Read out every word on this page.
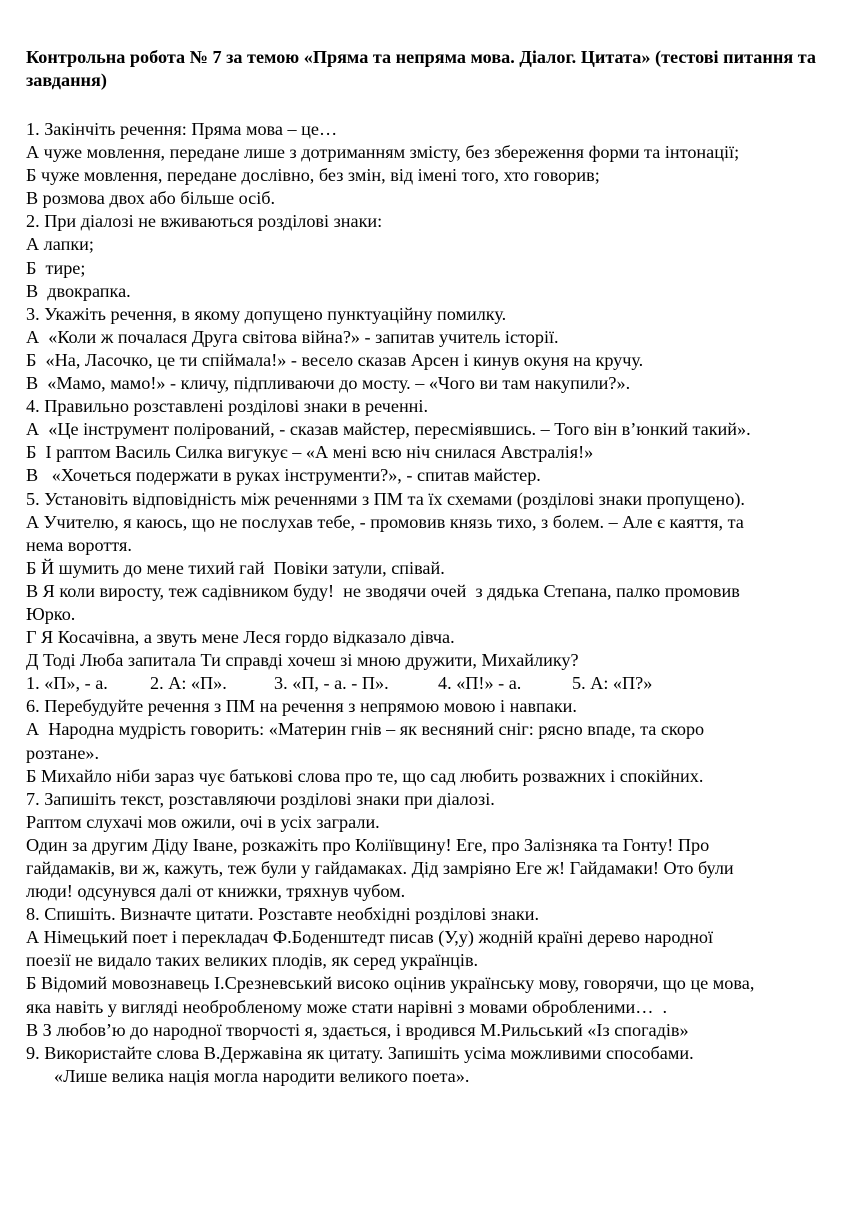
Контрольна робота № 7 за темою «Пряма та непряма мова. Діалог. Цитата» (тестові питання та завдання)
1. Закінчіть речення: Пряма мова – це…
А чуже мовлення, передане лише з дотриманням змісту, без збереження форми та інтонації;
Б чуже мовлення, передане дослівно, без змін, від імені того, хто говорив;
В розмова двох або більше осіб.
2. При діалозі не вживаються розділові знаки:
А лапки;
Б  тире;
В  двокрапка.
3. Укажіть речення, в якому допущено пунктуаційну помилку.
А  «Коли ж почалася Друга світова війна?» - запитав учитель історії.
Б  «На, Ласочко, це ти спіймала!» - весело сказав Арсен і кинув окуня на кручу.
В  «Мамо, мамо!» - кличу, підпливаючи до мосту. – «Чого ви там накупили?».
4. Правильно розставлені розділові знаки в реченні.
А  «Це інструмент полірований, - сказав майстер, пересміявшись. – Того він в’юнкий такий».
Б  І раптом Василь Силка вигукує – «А мені всю ніч снилася Австралія!»
В   «Хочеться подержати в руках інструменти?», - спитав майстер.
5. Установіть відповідність між реченнями з ПМ та їх схемами (розділові знаки пропущено).
А Учителю, я каюсь, що не послухав тебе, - промовив князь тихо, з болем. – Але є каяття, та
нема вороття.
Б Й шумить до мене тихий гай  Повіки затули, співай.
В Я коли виросту, теж садівником буду!  не зводячи очей  з дядька Степана, палко промовив
Юрко.
Г Я Косачівна, а звуть мене Леся гордо відказало дівча.
Д Тоді Люба запитала Ти справді хочеш зі мною дружити, Михайлику?
1. «П», - а. 2. А: «П».	3. «П, - а. - П».	4. «П!» - а.	5. А: «П?»
6. Перебудуйте речення з ПМ на речення з непрямою мовою і навпаки.
А  Народна мудрість говорить: «Материн гнів – як весняний сніг: рясно впаде, та скоро
розтане».
Б Михайло ніби зараз чує батькові слова про те, що сад любить розважних і спокійних.
7. Запишіть текст, розставляючи розділові знаки при діалозі.
Раптом слухачі мов ожили, очі в усіх заграли.
Один за другим Діду Іване, розкажіть про Коліївщину! Еге, про Залізняка та Гонту! Про
гайдамаків, ви ж, кажуть, теж були у гайдамаках. Дід замріяно Еге ж! Гайдамаки! Ото були
люди! одсунувся далі от книжки, тряхнув чубом.
8. Спишіть. Визначте цитати. Розставте необхідні розділові знаки.
А Німецький поет і перекладач Ф.Боденштедт писав (У,у) жодній країні дерево народної
поезії не видало таких великих плодів, як серед українців.
Б Відомий мовознавець І.Срезневський високо оцінив українську мову, говорячи, що це мова,
яка навіть у вигляді необробленому може стати нарівні з мовами обробленими…  .
В З любов’ю до народної творчості я, здається, і вродився М.Рильський «Із спогадів»
9. Використайте слова В.Державіна як цитату. Запишіть усіма можливими способами.
«Лише велика нація могла народити великого поета».
